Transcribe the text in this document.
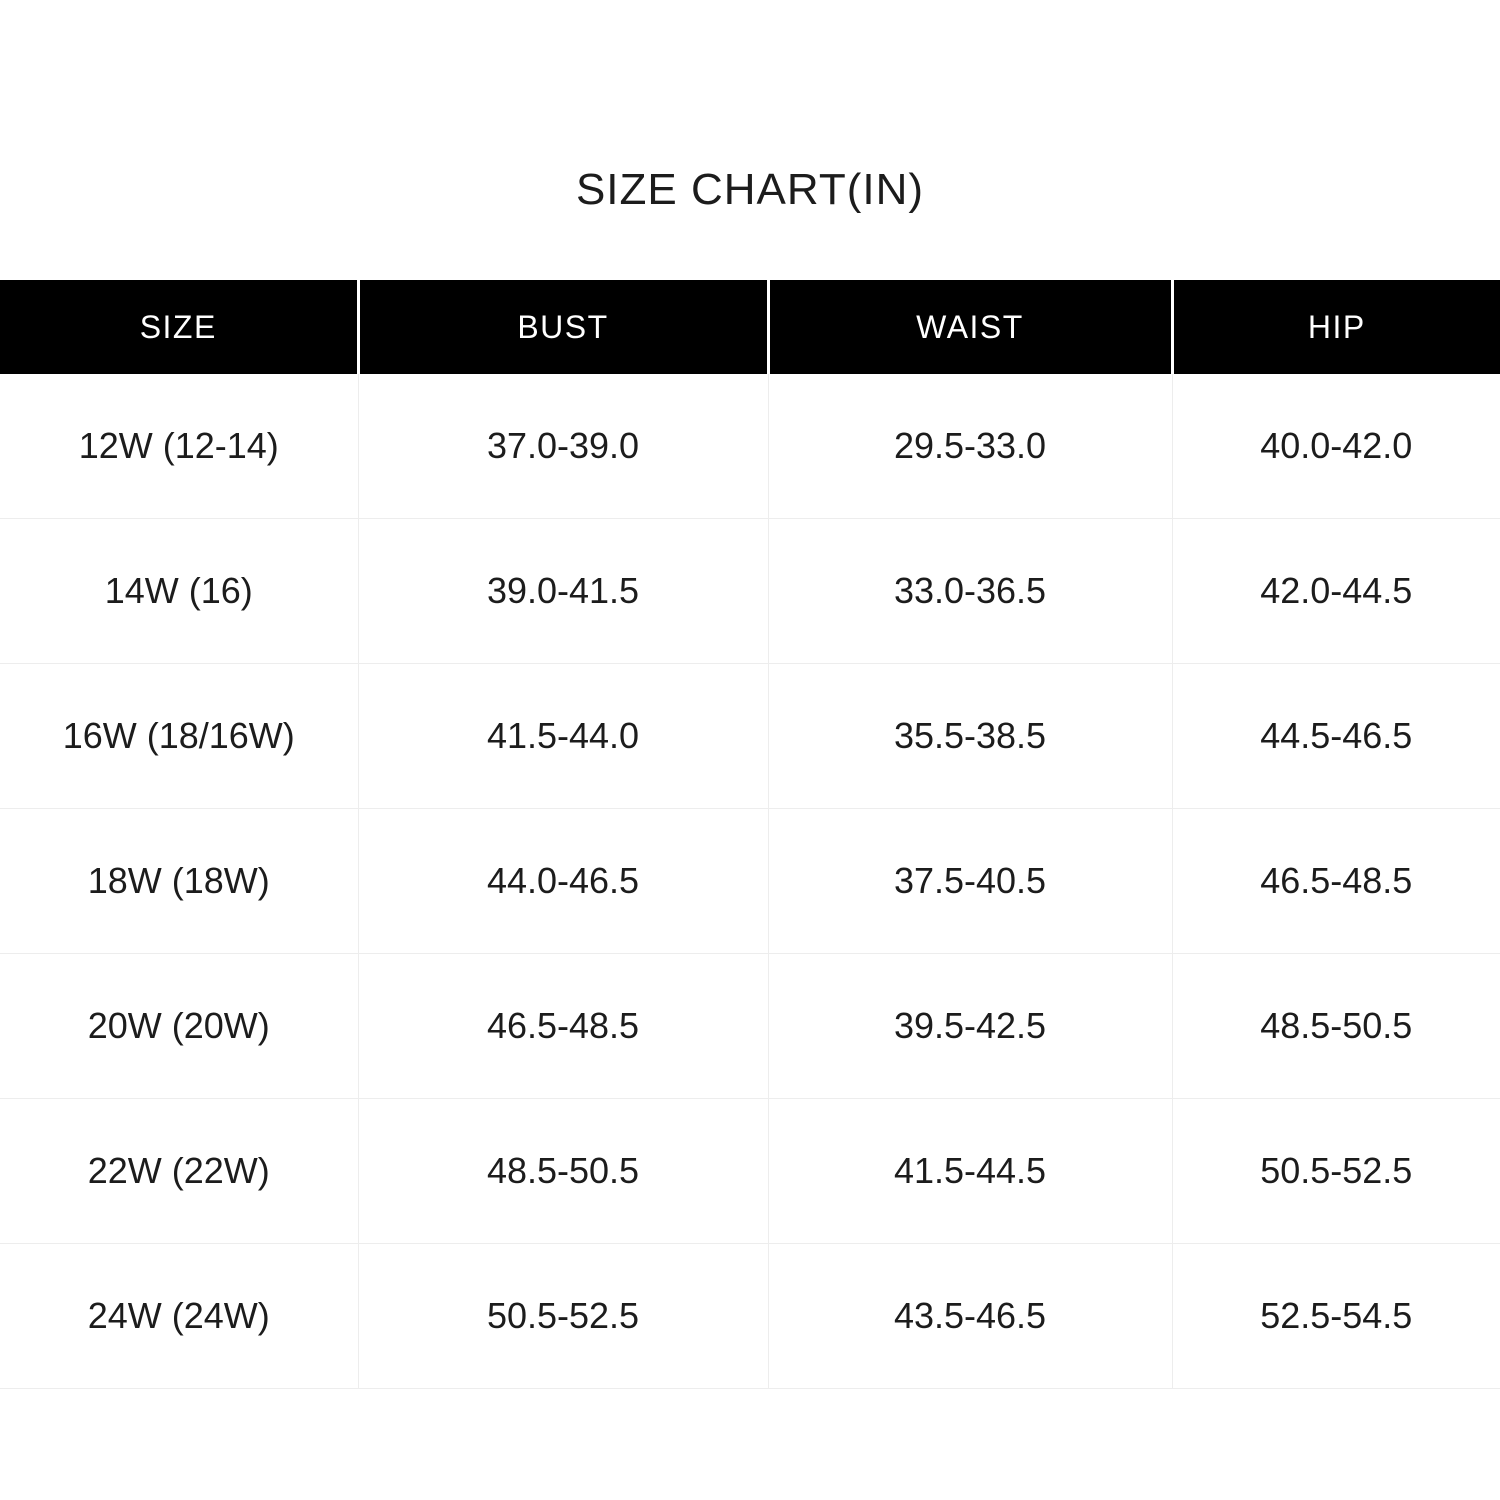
SIZE CHART(IN)
SIZE	BUST	WAIST	HIP
12W (12-14)	37.0-39.0	29.5-33.0	40.0-42.0
14W (16)	39.0-41.5	33.0-36.5	42.0-44.5
16W (18/16W)	41.5-44.0	35.5-38.5	44.5-46.5
18W (18W)	44.0-46.5	37.5-40.5	46.5-48.5
20W (20W)	46.5-48.5	39.5-42.5	48.5-50.5
22W (22W)	48.5-50.5	41.5-44.5	50.5-52.5
24W (24W)	50.5-52.5	43.5-46.5	52.5-54.5
